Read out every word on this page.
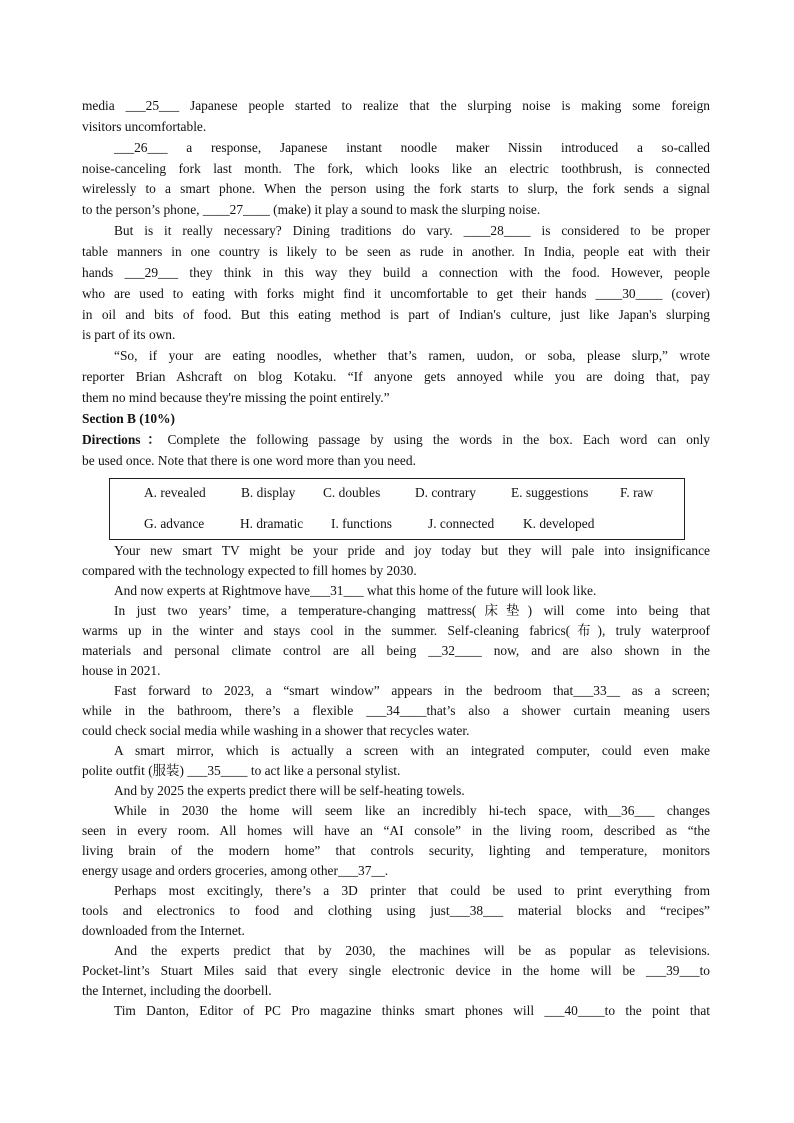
media ___25___ Japanese people started to realize that the slurping noise is making some foreign
visitors uncomfortable.
___26___ a response, Japanese instant noodle maker Nissin introduced a so-called
noise-canceling fork last month. The fork, which looks like an electric toothbrush, is connected
wirelessly to a smart phone. When the person using the fork starts to slurp, the fork sends a signal
to the person’s phone, ____27____ (make) it play a sound to mask the slurping noise.
But is it really necessary? Dining traditions do vary. ____28____ is considered to be proper
table manners in one country is likely to be seen as rude in another. In India, people eat with their
hands ___29___ they think in this way they build a connection with the food. However, people
who are used to eating with forks might find it uncomfortable to get their hands ____30____ (cover)
in oil and bits of food. But this eating method is part of Indian's culture, just like Japan's slurping
is part of its own.
“So, if your are eating noodles, whether that’s ramen, uudon, or soba, please slurp,” wrote
reporter Brian Ashcraft on blog Kotaku. “If anyone gets annoyed while you are doing that, pay
them no mind because they're missing the point entirely.”
Section B (10%)
Directions：Complete the following passage by using the words in the box. Each word can only
be used once. Note that there is one word more than you need.
A. revealed	B. display C. doubles	D. contrary	E. suggestions F. raw
G. advance	H. dramatic I. functions	J. connected K. developed
Your new smart TV might be your pride and joy today but they will pale into insignificance
compared with the technology expected to fill homes by 2030.
And now experts at Rightmove have___31___ what this home of the future will look like.
In just two years’ time, a temperature-changing mattress(床垫) will come into being that
warms up in the winter and stays cool in the summer. Self-cleaning fabrics(布), truly waterproof
materials and personal climate control are all being __32____ now, and are also shown in the
house in 2021.
Fast forward to 2023, a “smart window” appears in the bedroom that___33__ as a screen;
while in the bathroom, there’s a flexible ___34____that’s also a shower curtain meaning users
could check social media while washing in a shower that recycles water.
A smart mirror, which is actually a screen with an integrated computer, could even make
polite outfit (服装) ___35____ to act like a personal stylist.
And by 2025 the experts predict there will be self-heating towels.
While in 2030 the home will seem like an incredibly hi-tech space, with__36___ changes
seen in every room. All homes will have an “AI console” in the living room, described as “the
living brain of the modern home” that controls security, lighting and temperature, monitors
energy usage and orders groceries, among other___37__.
Perhaps most excitingly, there’s a 3D printer that could be used to print everything from
tools and electronics to food and clothing using just___38___ material blocks and “recipes”
downloaded from the Internet.
And the experts predict that by 2030, the machines will be as popular as televisions.
Pocket-lint’s Stuart Miles said that every single electronic device in the home will be ___39___to
the Internet, including the doorbell.
Tim Danton, Editor of PC Pro magazine thinks smart phones will ___40____to the point that
